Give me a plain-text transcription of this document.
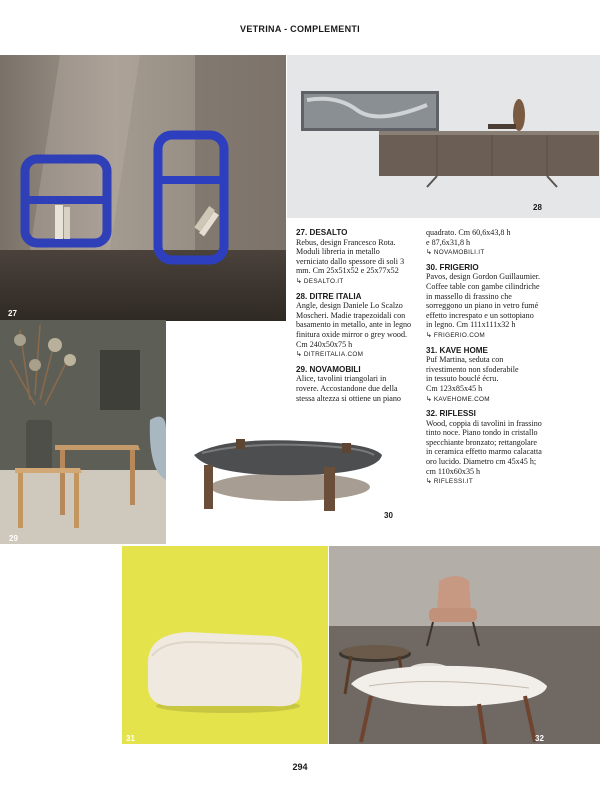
VETRINA - COMPLEMENTI
27
28
29
30
31	32
27. DESALTO
Rebus, design Francesco Rota.
Moduli libreria in metallo
verniciato dallo spessore di soli 3
mm. Cm 25x51x52 e 25x77x52
↳ DESALTO.IT
28. DITRE ITALIA
Angle, design Daniele Lo Scalzo
Moscheri. Madie trapezoidali con
basamento in metallo, ante in legno
finitura oxide mirror o grey wood.
Cm 240x50x75 h
↳ DITREITALIA.COM
29. NOVAMOBILI
Alice, tavolini triangolari in
rovere. Accostandone due della
stessa altezza si ottiene un piano
quadrato. Cm 60,6x43,8 h
e 87,6x31,8 h
↳ NOVAMOBILI.IT
30. FRIGERIO
Pavos, design Gordon Guillaumier.
Coffee table con gambe cilindriche
in massello di frassino che
sorreggono un piano in vetro fumé
effetto increspato e un sottopiano
in legno. Cm 111x111x32 h
↳ FRIGERIO.COM
31. KAVE HOME
Puf Martina, seduta con
rivestimento non sfoderabile
in tessuto bouclé écru.
Cm 123x85x45 h
↳ KAVEHOME.COM
32. RIFLESSI
Wood, coppia di tavolini in frassino
tinto noce. Piano tondo in cristallo
specchiante bronzato; rettangolare
in ceramica effetto marmo calacatta
oro lucido. Diametro cm 45x45 h;
cm 110x60x35 h
↳ RIFLESSI.IT
294
